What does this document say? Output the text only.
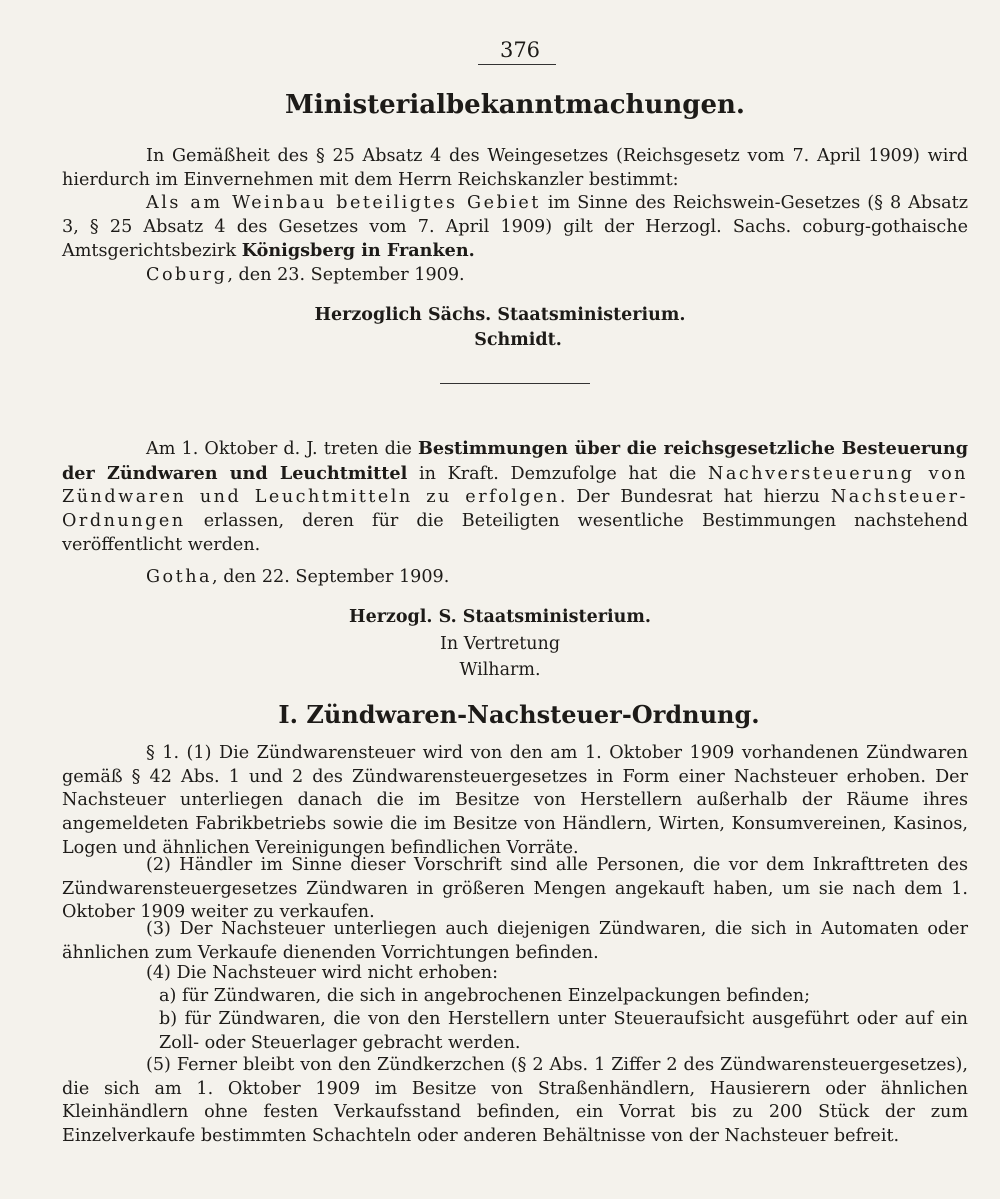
376
Ministerialbekanntmachungen.

In Gemäßheit des § 25 Absatz 4 des Weingesetzes (Reichsgesetz vom 7. April 1909) wird hierdurch im Einvernehmen mit dem Herrn Reichskanzler bestimmt:

Als am Weinbau beteiligtes Gebiet im Sinne des Reichswein-Gesetzes (§ 8 Absatz 3, § 25 Absatz 4 des Gesetzes vom 7. April 1909) gilt der Herzogl. Sachs. coburg-gothaische Amtsgerichtsbezirk Königsberg in Franken.

Coburg, den 23. September 1909.

Herzoglich Sächs. Staatsministerium.
Schmidt.

Am 1. Oktober d. J. treten die Bestimmungen über die reichsgesetzliche Besteuerung der Zündwaren und Leuchtmittel in Kraft. Demzufolge hat die Nachversteuerung von Zündwaren und Leuchtmitteln zu erfolgen. Der Bundesrat hat hierzu Nachsteuer-Ordnungen erlassen, deren für die Beteiligten wesentliche Bestimmungen nachstehend veröffentlicht werden.

Gotha, den 22. September 1909.

Herzogl. S. Staatsministerium.
In Vertretung
Wilharm.
I. Zündwaren-Nachsteuer-Ordnung.

§ 1. (1) Die Zündwarensteuer wird von den am 1. Oktober 1909 vorhandenen Zündwaren gemäß § 42 Abs. 1 und 2 des Zündwarensteuergesetzes in Form einer Nachsteuer erhoben. Der Nachsteuer unterliegen danach die im Besitze von Herstellern außerhalb der Räume ihres angemeldeten Fabrikbetriebs sowie die im Besitze von Händlern, Wirten, Konsumvereinen, Kasinos, Logen und ähnlichen Vereinigungen befindlichen Vorräte.

(2) Händler im Sinne dieser Vorschrift sind alle Personen, die vor dem Inkrafttreten des Zündwarensteuergesetzes Zündwaren in größeren Mengen angekauft haben, um sie nach dem 1. Oktober 1909 weiter zu verkaufen.

(3) Der Nachsteuer unterliegen auch diejenigen Zündwaren, die sich in Automaten oder ähnlichen zum Verkaufe dienenden Vorrichtungen befinden.

(4) Die Nachsteuer wird nicht erhoben:

a) für Zündwaren, die sich in angebrochenen Einzelpackungen befinden;

b) für Zündwaren, die von den Herstellern unter Steueraufsicht ausgeführt oder auf ein Zoll- oder Steuerlager gebracht werden.

(5) Ferner bleibt von den Zündkerzchen (§ 2 Abs. 1 Ziffer 2 des Zündwarensteuergesetzes), die sich am 1. Oktober 1909 im Besitze von Straßenhändlern, Hausierern oder ähnlichen Kleinhändlern ohne festen Verkaufsstand befinden, ein Vorrat bis zu 200 Stück der zum Einzelverkaufe bestimmten Schachteln oder anderen Behältnisse von der Nachsteuer befreit.
